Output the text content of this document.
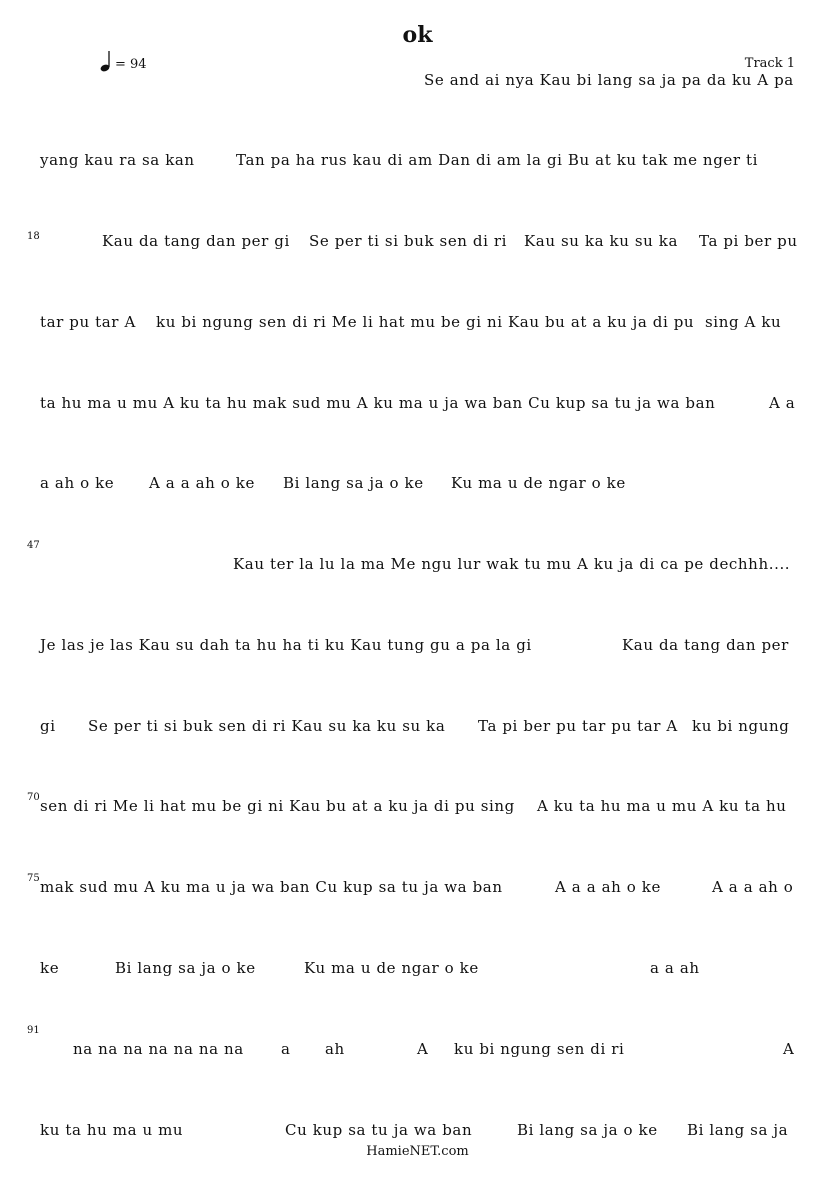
ok
= 94	Track 1
18
47
70
75
91
Se and ai nya Kau bi lang sa ja pa da ku A pa
yang kau ra sa kan	Tan pa ha rus kau di am Dan di am la gi Bu at ku tak me nger ti
Kau da tang dan per gi Se per ti si buk sen di ri Kau su ka ku su ka Ta pi ber pu
tar pu tar A ku bi ngung sen di ri Me li hat mu be gi ni Kau bu at a ku ja di pu sing A ku
ta hu ma u mu A ku ta hu mak sud mu A ku ma u ja wa ban Cu kup sa tu ja wa ban	A a
a ah o ke A a a ah o ke Bi lang sa ja o ke Ku ma u de ngar o ke
Kau ter la lu la ma Me ngu lur wak tu mu A ku ja di ca pe dechhh....
Je las je las Kau su dah ta hu ha ti ku Kau tung gu a pa la gi	Kau da tang dan per
gi Se per ti si buk sen di ri Kau su ka ku su ka Ta pi ber pu tar pu tar A ku bi ngung
sen di ri Me li hat mu be gi ni Kau bu at a ku ja di pu sing A ku ta hu ma u mu A ku ta hu
mak sud mu A ku ma u ja wa ban Cu kup sa tu ja wa ban	A a a ah o ke	A a a ah o
ke	Bi lang sa ja o ke	Ku ma u de ngar o ke	a a ah
na na na na na na na a ah	A ku bi ngung sen di ri	A
ku ta hu ma u mu	Cu kup sa tu ja wa ban	Bi lang sa ja o ke Bi lang sa ja
HamieNET.com
